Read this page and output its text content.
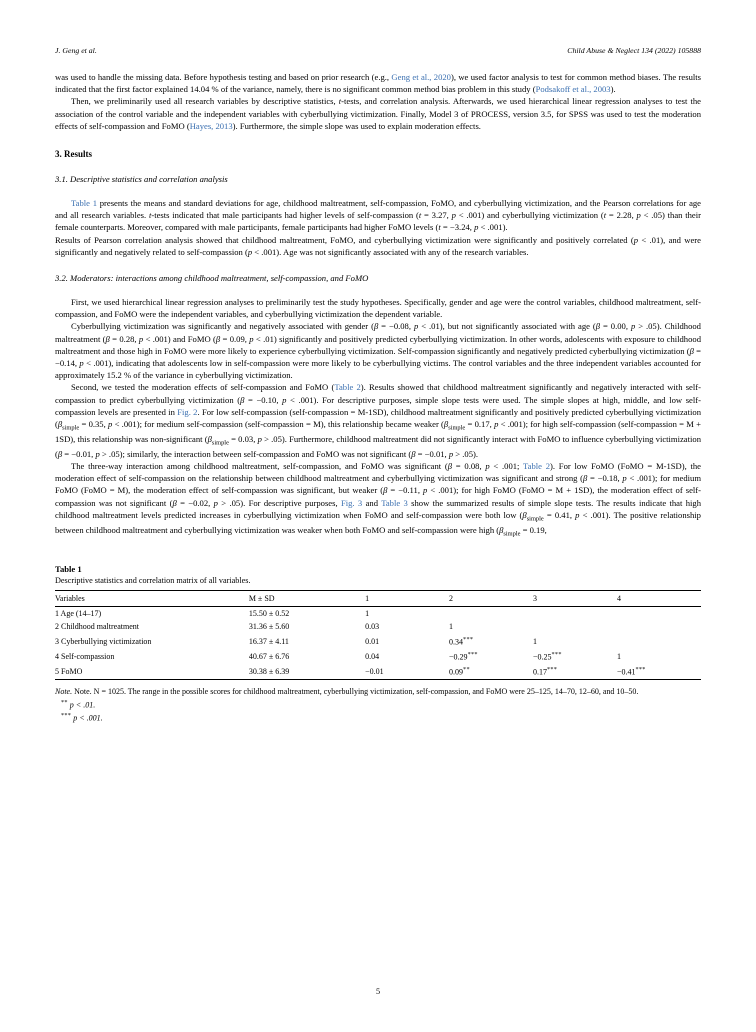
J. Geng et al.	Child Abuse & Neglect 134 (2022) 105888

was used to handle the missing data. Before hypothesis testing and based on prior research (e.g., Geng et al., 2020), we used factor analysis to test for common method biases. The results indicated that the first factor explained 14.04 % of the variance, namely, there is no significant common method bias problem in this study (Podsakoff et al., 2003).

Then, we preliminarily used all research variables by descriptive statistics, t-tests, and correlation analysis. Afterwards, we used hierarchical linear regression analyses to test the association of the control variable and the independent variables with cyberbullying victimization. Finally, Model 3 of PROCESS, version 3.5, for SPSS was used to test the moderation effects of self-compassion and FoMO (Hayes, 2013). Furthermore, the simple slope was used to explain moderation effects.

3. Results
3.1. Descriptive statistics and correlation analysis

Table 1 presents the means and standard deviations for age, childhood maltreatment, self-compassion, FoMO, and cyberbullying victimization, and the Pearson correlations for age and all research variables. t-tests indicated that male participants had higher levels of self-compassion (t = 3.27, p < .001) and cyberbullying victimization (t = 2.28, p < .05) than their female counterparts. Moreover, compared with male participants, female participants had higher FoMO levels (t = −3.24, p < .001).

Results of Pearson correlation analysis showed that childhood maltreatment, FoMO, and cyberbullying victimization were significantly and positively correlated (p < .01), and were significantly and negatively related to self-compassion (p < .001). Age was not significantly associated with any of the research variables.

3.2. Moderators: interactions among childhood maltreatment, self-compassion, and FoMO

First, we used hierarchical linear regression analyses to preliminarily test the study hypotheses. Specifically, gender and age were the control variables, childhood maltreatment, self-compassion, and FoMO were the independent variables, and cyberbullying victimization the dependent variable.

Cyberbullying victimization was significantly and negatively associated with gender (β = −0.08, p < .01), but not significantly associated with age (β = 0.00, p > .05). Childhood maltreatment (β = 0.28, p < .001) and FoMO (β = 0.09, p < .01) significantly and positively predicted cyberbullying victimization. In other words, adolescents with exposure to childhood maltreatment and those high in FoMO were more likely to experience cyberbullying victimization. Self-compassion significantly and negatively predicted cyberbullying victimization (β = −0.14, p < .001), indicating that adolescents low in self-compassion were more likely to be cyberbullying victims. The control variables and the three independent variables accounted for approximately 15.2 % of the variance in cyberbullying victimization.

Second, we tested the moderation effects of self-compassion and FoMO (Table 2). Results showed that childhood maltreatment significantly and negatively interacted with self-compassion to predict cyberbullying victimization (β = −0.10, p < .001). For descriptive purposes, simple slope tests were used. The simple slopes at high, middle, and low self-compassion levels are presented in Fig. 2. For low self-compassion (self-compassion = M-1SD), childhood maltreatment significantly and positively predicted cyberbullying victimization ($\beta_{simple} = 0.35$, p < .001); for medium self-compassion (self-compassion = M), this relationship became weaker ($\beta_{simple} = 0.17$, p < .001); for high self-compassion (self-compassion = M + 1SD), this relationship was non-significant ($\beta_{simple} = 0.03$, p > .05). Furthermore, childhood maltreatment did not significantly interact with FoMO to influence cyberbullying victimization (β = −0.01, p > .05); similarly, the interaction between self-compassion and FoMO was not significant (β = −0.01, p > .05).

The three-way interaction among childhood maltreatment, self-compassion, and FoMO was significant (β = 0.08, p < .001; Table 2). For low FoMO (FoMO = M-1SD), the moderation effect of self-compassion on the relationship between childhood maltreatment and cyberbullying victimization was significant and strong (β = −0.18, p < .001); for medium FoMO (FoMO = M), the moderation effect of self-compassion was significant, but weaker (β = −0.11, p < .001); for high FoMO (FoMO = M + 1SD), the moderation effect of self-compassion was not significant (β = −0.02, p > .05). For descriptive purposes, Fig. 3 and Table 3 show the summarized results of simple slope tests. The results indicate that high childhood maltreatment levels predicted increases in cyberbullying victimization when FoMO and self-compassion were both low ($\beta_{simple} = 0.41$, p < .001). The positive relationship between childhood maltreatment and cyberbullying victimization was weaker when both FoMO and self-compassion were high ($\beta_{simple} = 0.19$,

Table 1
Descriptive statistics and correlation matrix of all variables.
Variables	M ± SD	1	2	3	4
1 Age (14–17)	15.50 ± 0.52	1			
2 Childhood maltreatment	31.36 ± 5.60	0.03	1		
3 Cyberbullying victimization	16.37 ± 4.11	0.01	0.34***	1	
4 Self-compassion	40.67 ± 6.76	0.04	−0.29***	−0.25***	1
5 FoMO	30.38 ± 6.39	−0.01	0.09**	0.17***	−0.41***
Note. Note. N = 1025. The range in the possible scores for childhood maltreatment, cyberbullying victimization, self-compassion, and FoMO were 25–125, 14–70, 12–60, and 10–50.
** p < .01.
*** p < .001.
5
